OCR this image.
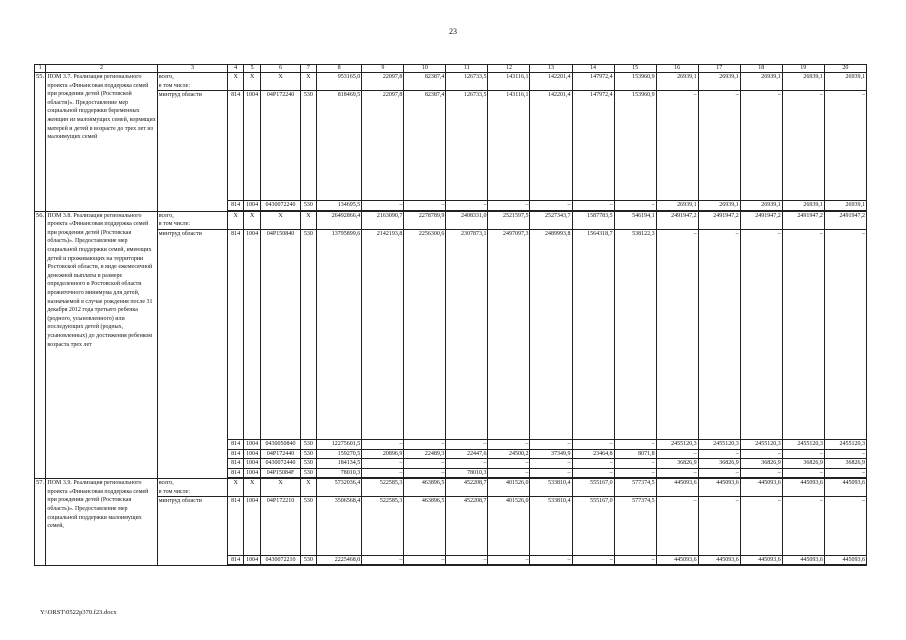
23
1	2	3	4	5	6	7	8	9	10	11	12	13	14	15	16	17	18	19	20
55.	ПОМ 3.7. Реализация регионального проекта «Финансовая поддержка семей при рождении детей (Ростовской области)». Предоставление мер социальной поддержки беременных женщин из малоимущих семей, кормящих матерей и детей в возрасте до трех лет из малоимущих семей	всего,
в том числе:	X	X	X	X	953165,0	22097,8	82387,4	126733,5	143116,1	142201,4	147972,4	153960,9	26939,1	26939,1	26939,1	26939,1	26939,1
		минтруд области	814	1004	04P172240	530	818469,5	22097,8	82387,4	126733,5	143116,1	142201,4	147972,4	153960,9	–	–	–	–	–
			814	1004	0430072240	530	134695,5	–	–	–	–	–	–	–	26939,1	26939,1	26939,1	26939,1	26939,1

56.	ПОМ 3.8. Реализация регионального проекта «Финансовая поддержка семей при рождении детей (Ростовская область)». Предоставление мер социальной поддержки семей, имеющих детей и проживающих на территории Ростовской области, в виде ежемесячной денежной выплаты в размере определенного в Ростовской области прожиточного минимума для детей, назначаемой в случае рождения после 31 декабря 2012 года третьего ребенка (родного, усыновленного) или последующих детей (родных, усыновленных) до достижения ребенком возраста трех лет	всего,
в том числе:	X	X	X	X	26492866,4	2163090,7	2278789,9	2408331,0	2521597,5	2527343,7	1587783,5	546194,1	2491947,2	2491947,2	2491947,2	2491947,2	2491947,2
		минтруд области	814	1004	04P150840	530	13795899,6	2142193,8	2256300,6	2307873,1	2497097,3	2489993,8	1564318,7	538122,3	–	–	–	–	–
			814	1004	0430050840	530	12275601,5	–	–	–	–	–	–	–	2455120,3	2455120,3	2455120,3	2455120,3	2455120,3
			814	1004	04P172440	530	159270,5	20896,9	22489,3	22447,6	24500,2	37349,9	23464,8	8071,8	–	–	–	–	–
			814	1004	0430072440	530	184134,5	–	–	–	–	–	–	–	36826,9	36826,9	36826,9	36826,9	36826,9
			814	1004	04P15084F	530	78010,3	–	–	78010,3	–	–	–	–	–	–	–	–	–

57.	ПОМ 3.9. Реализация регионального проекта «Финансовая поддержка семей при рождении детей (Ростовская область)». Предоставление мер социальной поддержки малоимущих семей,	всего,
в том числе:	X	X	X	X	5732036,4	522585,3	463896,5	452208,7	401526,0	533810,4	555167,0	577374,5	445093,6	445093,6	445093,6	445093,6	445093,6
		минтруд области	814	1004	04P172210	530	3506568,4	522585,3	463896,5	452208,7	401526,0	533810,4	555167,0	577374,5	–	–	–	–	–
			814	1004	0430072210	530	2225468,0	–	–	–	–	–	–	–	445093,6	445093,6	445093,6	445093,6	445093,6

Y:\ORST\0522p370.f23.docx
